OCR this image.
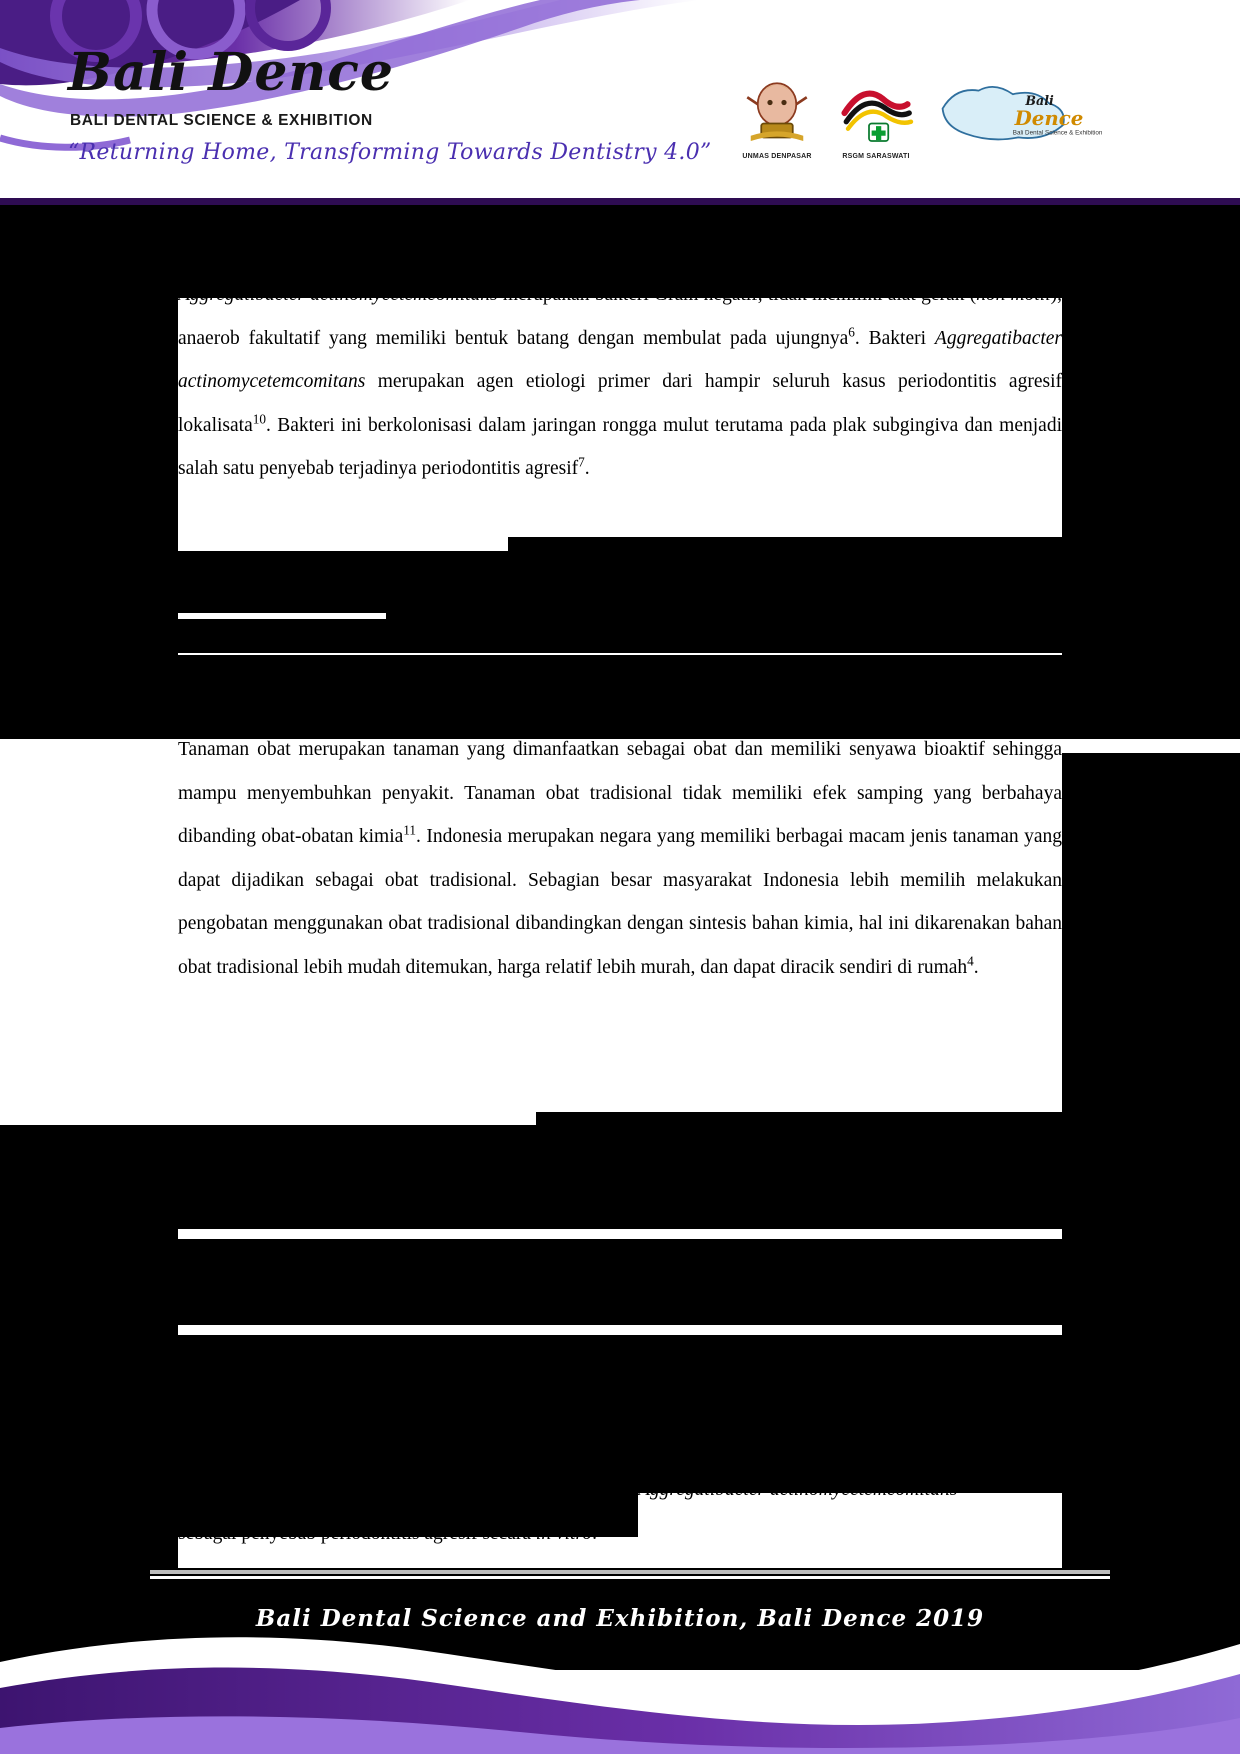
Bali Dence
BALI DENTAL SCIENCE & EXHIBITION
“Returning Home, Transforming Towards Dentistry 4.0”	UNMAS DENPASAR	RSGM SARASWATI
Bali
Dence
Bali Dental Science & Exhibition
Aggregatibacter actinomycetemcomitans merupakan bakteri Gram negatif, tidak memiliki alat gerak (non motil), anaerob fakultatif yang memiliki bentuk batang dengan membulat pada ujungnya$^6$. Bakteri Aggregatibacter actinomycetemcomitans merupakan agen etiologi primer dari hampir seluruh kasus periodontitis agresif lokalisata$^{10}$. Bakteri ini berkolonisasi dalam jaringan rongga mulut terutama pada plak subgingiva dan menjadi salah satu penyebab terjadinya periodontitis agresif$^7$.
Tanaman obat merupakan tanaman yang dimanfaatkan sebagai obat dan memiliki senyawa bioaktif sehingga mampu menyembuhkan penyakit. Tanaman obat tradisional tidak memiliki efek samping yang berbahaya dibanding obat-obatan kimia$^{11}$. Indonesia merupakan negara yang memiliki berbagai macam jenis tanaman yang dapat dijadikan sebagai obat tradisional. Sebagian besar masyarakat Indonesia lebih memilih melakukan pengobatan menggunakan obat tradisional dibandingkan dengan sintesis bahan kimia, hal ini dikarenakan bahan obat tradisional lebih mudah ditemukan, harga relatif lebih murah, dan dapat diracik sendiri di rumah$^4$.
Aggregatibacter actinomycetemcomitans
sebagai penyebab periodontitis agresif secara in vitro.
Bali Dental Science and Exhibition, Bali Dence 2019
